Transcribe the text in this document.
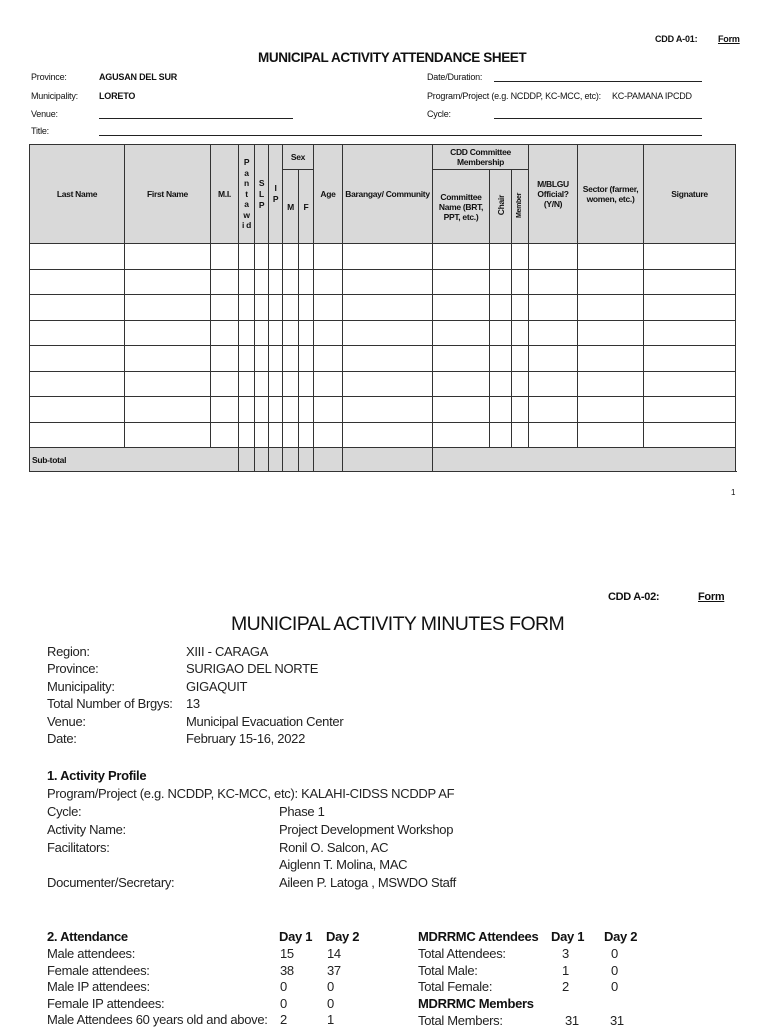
CDD A-01: Form
MUNICIPAL ACTIVITY ATTENDANCE SHEET
Province:	AGUSAN DEL SUR
Municipality: LORETO
Venue:
Title:
Date/Duration:
Program/Project (e.g. NCDDP, KC-MCC, etc): KC-PAMANA IPCDD
Cycle:
Last Name	First Name	M.I.	P a n t a w i d	S L P	I P	Sex		Age	Barangay/ Community	CDD Committee Membership			M/BLGU Official? (Y/N)	Sector (farmer, women, etc.)	Signature
						M	F			Committee Name (BRT, PPT, etc.)	Chair	Member			

Sub-total															
1
CDD A-02:	Form
MUNICIPAL ACTIVITY MINUTES FORM
Region:	XIII - CARAGA
Province:	SURIGAO DEL NORTE
Municipality:	GIGAQUIT
Total Number of Brgys: 13
Venue:	Municipal Evacuation Center
Date:	February 15-16, 2022
1. Activity Profile
Program/Project (e.g. NCDDP, KC-MCC, etc): KALAHI-CIDSS NCDDP AF
Cycle:	Phase 1
Activity Name:	Project Development Workshop
Facilitators:	Ronil O. Salcon, AC
Aiglenn T. Molina, MAC
Documenter/Secretary:	Aileen P. Latoga , MSWDO Staff
2. Attendance	Day 1 Day 2
Male attendees:	15	14
Female attendees:	38	37
Male IP attendees:	0	0
Female IP attendees:	0	0
Male Attendees 60 years old and above: 2	1
MDRRMC Attendees Day 1 Day 2
Total Attendees:	3	0
Total Male:	1	0
Total Female:	2	0
MDRRMC Members
Total Members:	31 31
